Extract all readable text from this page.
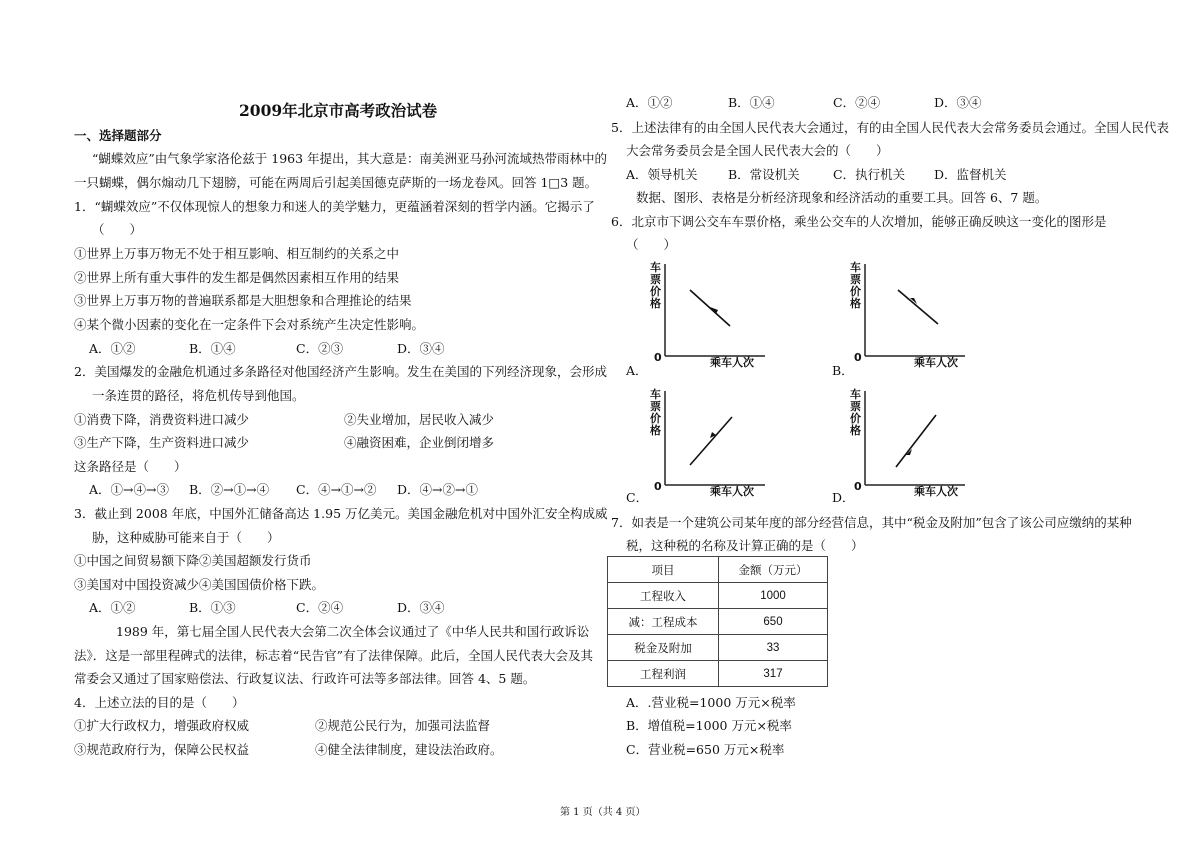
2009年北京市高考政治试卷
一、选择题部分
“蝴蝶效应”由气象学家洛伦兹于 1963 年提出，其大意是：南美洲亚马孙河流域热带雨林中的
一只蝴蝶，偶尔煽动几下翅膀，可能在两周后引起美国德克萨斯的一场龙卷风。回答 1□3 题。
1．“蝴蝶效应”不仅体现惊人的想象力和迷人的美学魅力，更蕴涵着深刻的哲学内涵。它揭示了
（　　）
①世界上万事万物无不处于相互影响、相互制约的关系之中
②世界上所有重大事件的发生都是偶然因素相互作用的结果
③世界上万事万物的普遍联系都是大胆想象和合理推论的结果
④某个微小因素的变化在一定条件下会对系统产生决定性影响。
A．①②	B．①④	C．②③	D．③④
2．美国爆发的金融危机通过多条路径对他国经济产生影响。发生在美国的下列经济现象，会形成
一条连贯的路径，将危机传导到他国。
①消费下降，消费资料进口减少	②失业增加，居民收入减少
③生产下降，生产资料进口减少	④融资困难，企业倒闭增多
这条路径是（　　）
A．①→④→③ B．②→①→④ C．④→①→② D．④→②→①
3．截止到 2008 年底，中国外汇储备高达 1.95 万亿美元。美国金融危机对中国外汇安全构成威
胁，这种威胁可能来自于（　　）
①中国之间贸易额下降②美国超额发行货币
③美国对中国投资减少④美国国债价格下跌。
A．①②	B．①③	C．②④	D．③④
1989 年，第七届全国人民代表大会第二次全体会议通过了《中华人民共和国行政诉讼
法》．这是一部里程碑式的法律，标志着“民告官”有了法律保障。此后，全国人民代表大会及其
常委会又通过了国家赔偿法、行政复议法、行政许可法等多部法律。回答 4、5 题。
4．上述立法的目的是（　　）
①扩大行政权力，增强政府权威	②规范公民行为，加强司法监督
③规范政府行为，保障公民权益	④健全法律制度，建设法治政府。
A．①②	B．①④	C．②④	D．③④
5．上述法律有的由全国人民代表大会通过，有的由全国人民代表大会常务委员会通过。全国人民代表
大会常务委员会是全国人民代表大会的（　　）
A．领导机关 B．常设机关	C．执行机关 D．监督机关
数据、图形、表格是分析经济现象和经济活动的重要工具。回答 6、7 题。
6．北京市下调公交车车票价格，乘坐公交车的人次增加，能够正确反映这一变化的图形是
（　　）
车票价格
乘车人次
0
A．
车票价格
乘车人次
0
B．
车票价格
乘车人次
0
C．
车票价格
乘车人次
0
D．
7．如表是一个建筑公司某年度的部分经营信息，其中“税金及附加”包含了该公司应缴纳的某种
税，这种税的名称及计算正确的是（　　）
项目	金额（万元）
工程收入	1000
减：工程成本	650
税金及附加	33
工程利润	317
A．.营业税=1000 万元×税率
B．增值税=1000 万元×税率
C．营业税=650 万元×税率
第 1 页（共 4 页）
